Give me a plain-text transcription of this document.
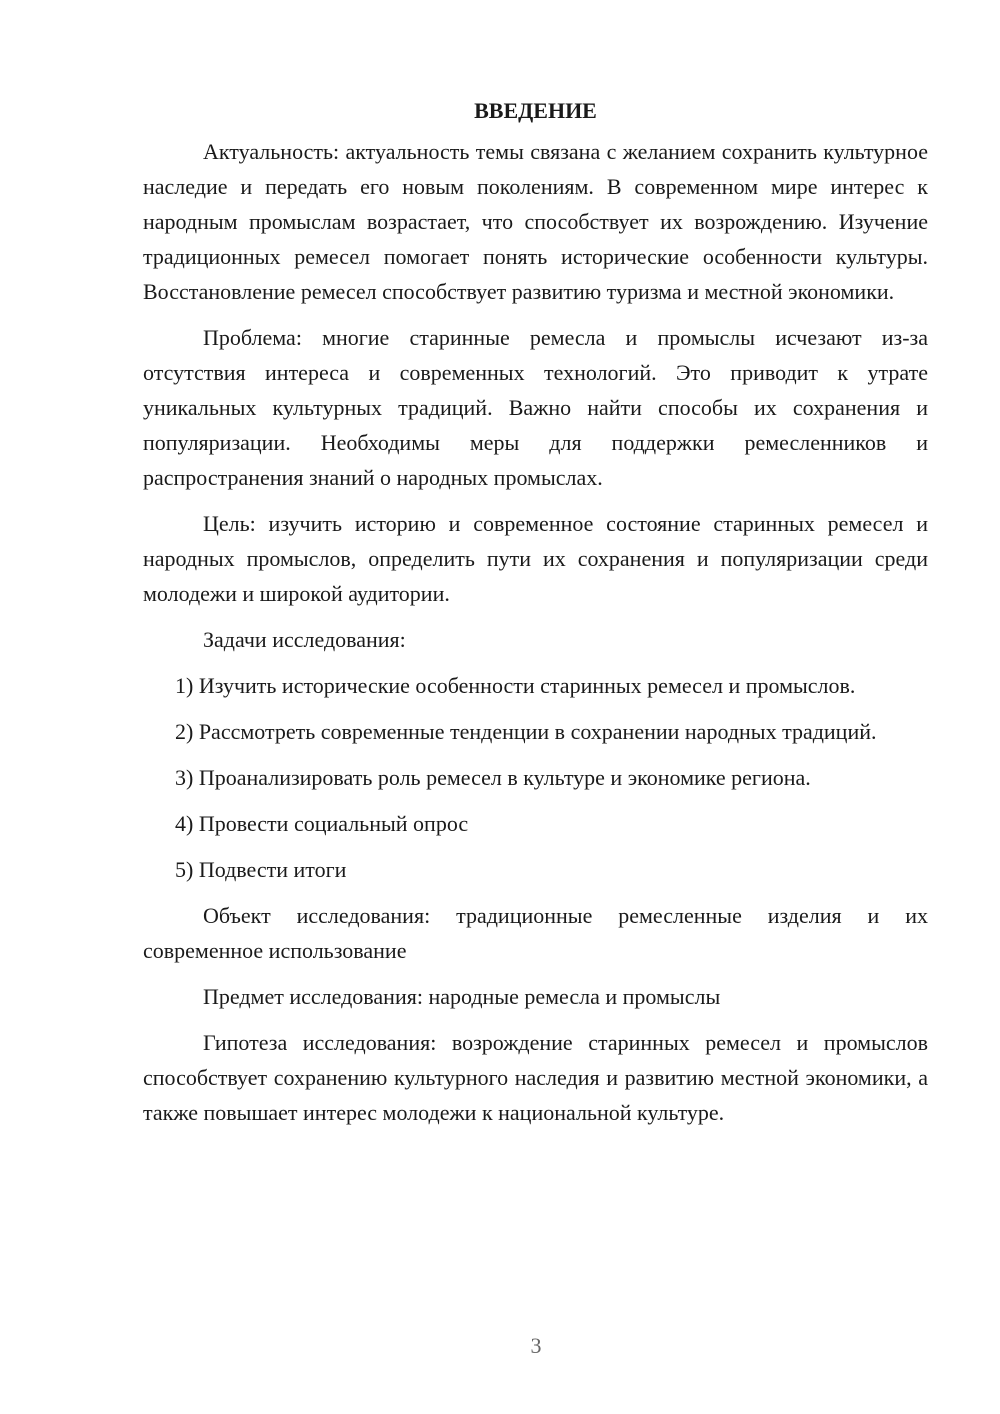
ВВЕДЕНИЕ

Актуальность: актуальность темы связана с желанием сохранить культурное наследие и передать его новым поколениям. В современном мире интерес к народным промыслам возрастает, что способствует их возрождению. Изучение традиционных ремесел помогает понять исторические особенности культуры. Восстановление ремесел способствует развитию туризма и местной экономики.

Проблема: многие старинные ремесла и промыслы исчезают из-за отсутствия интереса и современных технологий. Это приводит к утрате уникальных культурных традиций. Важно найти способы их сохранения и популяризации. Необходимы меры для поддержки ремесленников и распространения знаний о народных промыслах.

Цель: изучить историю и современное состояние старинных ремесел и народных промыслов, определить пути их сохранения и популяризации среди молодежи и широкой аудитории.

Задачи исследования:

1) Изучить исторические особенности старинных ремесел и промыслов.

2) Рассмотреть современные тенденции в сохранении народных традиций.

3) Проанализировать роль ремесел в культуре и экономике региона.

4) Провести социальный опрос

5) Подвести итоги

Объект исследования: традиционные ремесленные изделия и их современное использование

Предмет исследования: народные ремесла и промыслы

Гипотеза исследования: возрождение старинных ремесел и промыслов способствует сохранению культурного наследия и развитию местной экономики, а также повышает интерес молодежи к национальной культуре.

3
